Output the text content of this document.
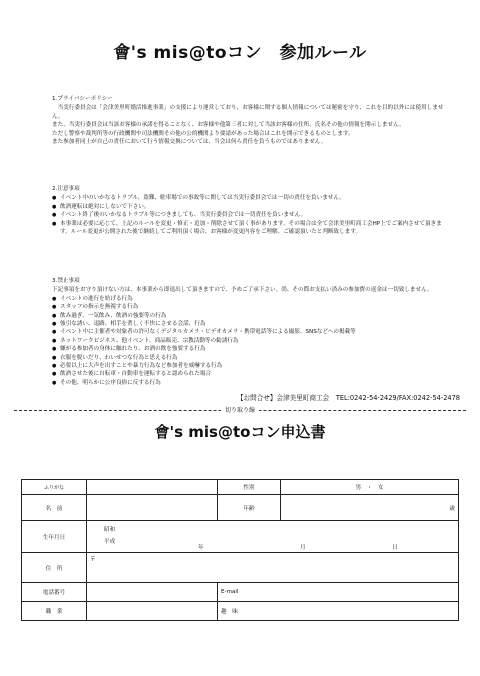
會's mis@toコン　参加ルール
1.プライバシーポリシー

　当実行委員会は「会津美里町婚活推進事業」の支援により運営しており、お客様に関する個人情報については秘密を守り、これを目的以外には使用しません。

また、当実行委員会は当該お客様の承諾を得ることなく、お客様や他第三者に対して当該お客様の住所、氏名その他の情報を開示しません。

ただし警察や裁判所等の行政機関や司法機関その他の公的機関より要請があった場合はこれを開示できるものとします。

また参加者同士が自己の責任において行う情報交換については、当会は何ら責任を負うものではありません。

2.注意事項
● イベント中のいかなるトラブル、盗難、駐車場での事故等に関しては当実行委員会では一切の責任を負いません。
● 飲酒運転は絶対にしないで下さい。
● イベント終了後のいかなるトラブル等につきましても、当実行委員会では一切責任を負いません。
● 本事業は必要に応じて、上記のルールを変更・修正・追加・削除させて頂く事があります。その場合は全て会津美里町商工会HP上でご案内させて頂きます。ルール変更が公開された後で継続してご利用頂く場合、お客様が変更内容をご理解、ご確認頂いたと判断致します。
3.禁止事項

下記事項をお守り頂けない方は、本事業から即退出して頂きますので、予めご了承下さい。尚、その際お支払い済みの参加費の返金は一切致しません。

● イベントの進行を妨げる行為
● スタッフの指示を無視する行為
● 飲み過ぎ、一気飲み、飲酒の強要等の行為
● 強引な誘い、退路、相手を著しく不快にさせる会話、行為
● イベント中に主催者や対象者の許可なくデジタルカメラ・ビデオカメラ・携帯電話等による撮影、SNSなどへの掲載等
● ネットワークビジネス、他イベント、商品販売、宗教活動等の勧誘行為
● 嫌がる参加者の身体に触れたり、お酒の飲を強要する行為
● 衣服を脱いだり、わいせつな行為と思える行為
● 必要以上に大声を出すことや暴力行為など参加者を威嚇する行為
● 飲酒させた後に自転車・自動車を運転すると認められた場合
● その他、明らかに公序良俗に反する行為
【お問合せ】会津美里町商工会　TEL:0242-54-2429/FAX:0242-54-2478
切り取り線
會's mis@toコン申込書
ふりがな		性別	男　・　女
名　前		年齢	歳
生年月日	昭和
平成
年 月 日		

住　所	〒		
電話番号		E-mail	
職　業		趣　味	
